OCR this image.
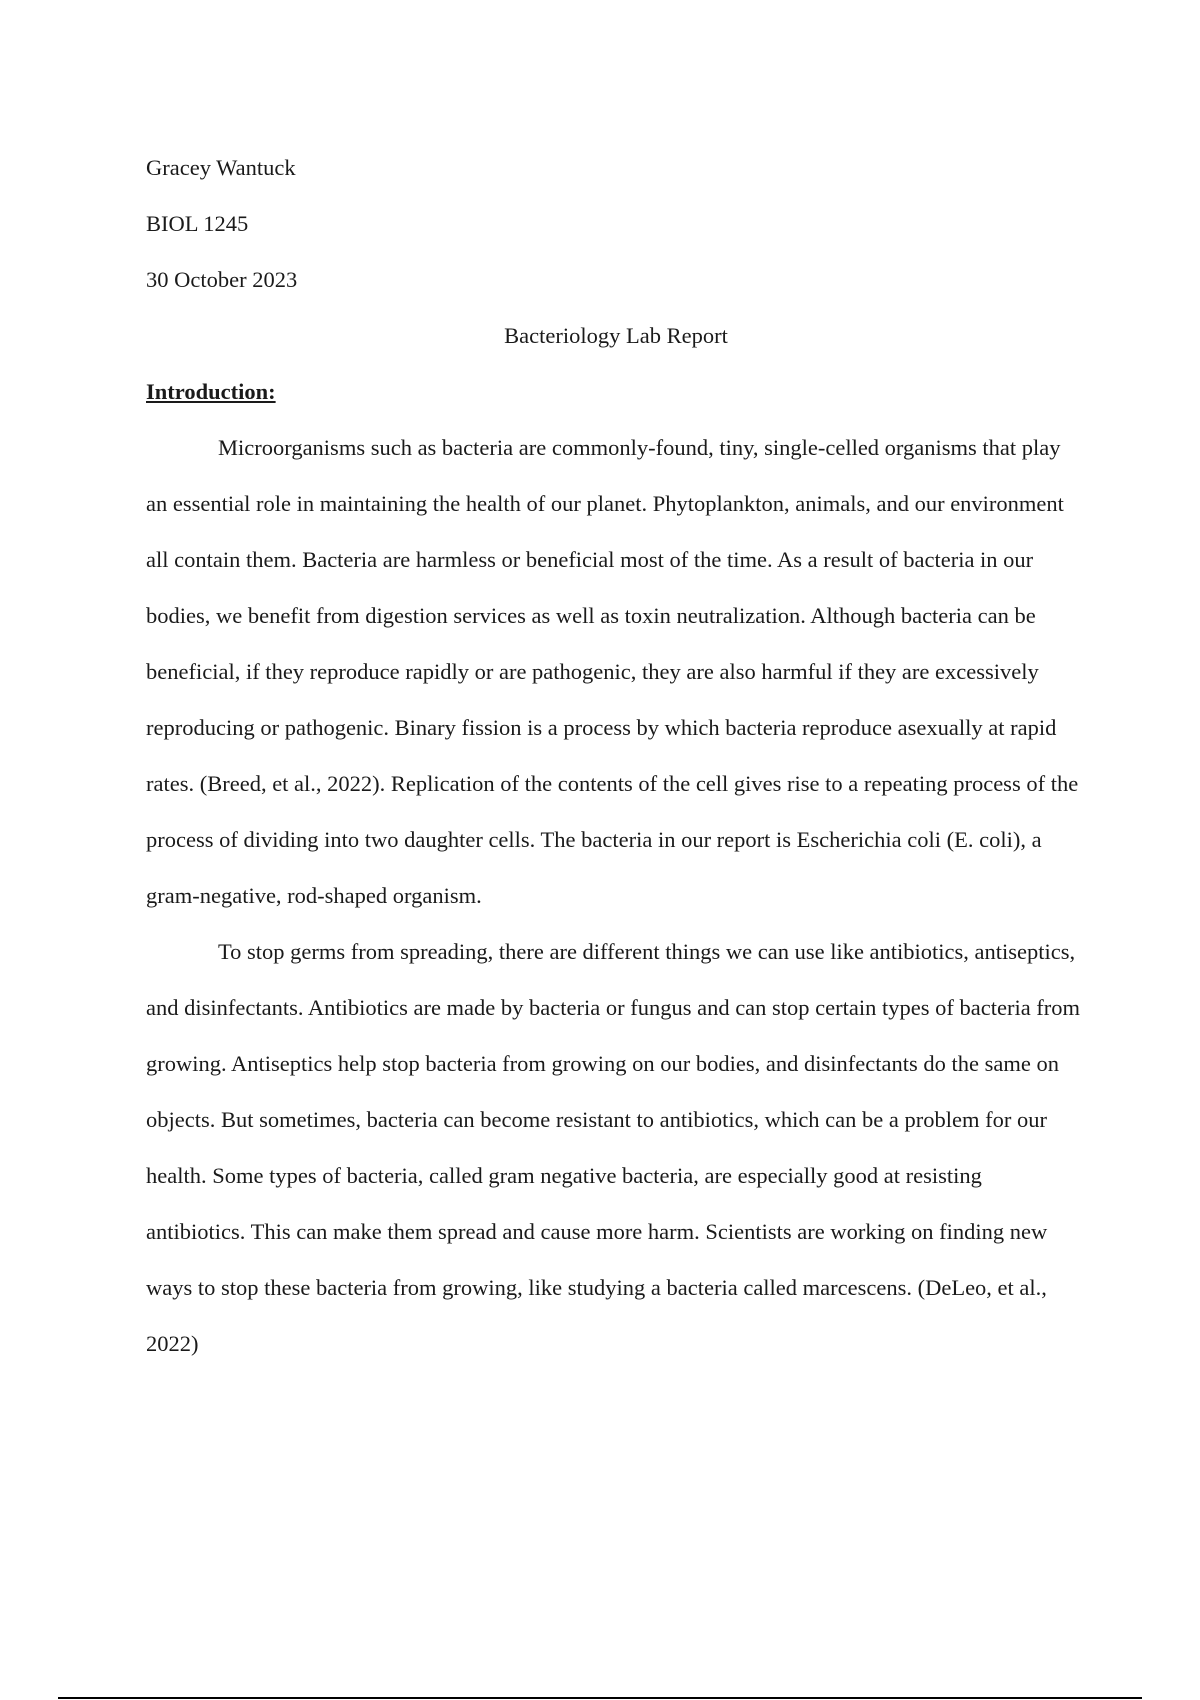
Gracey Wantuck

BIOL 1245

30 October 2023

Bacteriology Lab Report

Introduction:

Microorganisms such as bacteria are commonly-found, tiny, single-celled organisms that play an essential role in maintaining the health of our planet. Phytoplankton, animals, and our environment all contain them. Bacteria are harmless or beneficial most of the time. As a result of bacteria in our bodies, we benefit from digestion services as well as toxin neutralization. Although bacteria can be beneficial, if they reproduce rapidly or are pathogenic, they are also harmful if they are excessively reproducing or pathogenic. Binary fission is a process by which bacteria reproduce asexually at rapid rates. (Breed, et al., 2022). Replication of the contents of the cell gives rise to a repeating process of the process of dividing into two daughter cells. The bacteria in our report is Escherichia coli (E. coli), a gram-negative, rod-shaped organism.

To stop germs from spreading, there are different things we can use like antibiotics, antiseptics, and disinfectants. Antibiotics are made by bacteria or fungus and can stop certain types of bacteria from growing. Antiseptics help stop bacteria from growing on our bodies, and disinfectants do the same on objects. But sometimes, bacteria can become resistant to antibiotics, which can be a problem for our health. Some types of bacteria, called gram negative bacteria, are especially good at resisting antibiotics. This can make them spread and cause more harm. Scientists are working on finding new ways to stop these bacteria from growing, like studying a bacteria called marcescens. (DeLeo, et al., 2022)
